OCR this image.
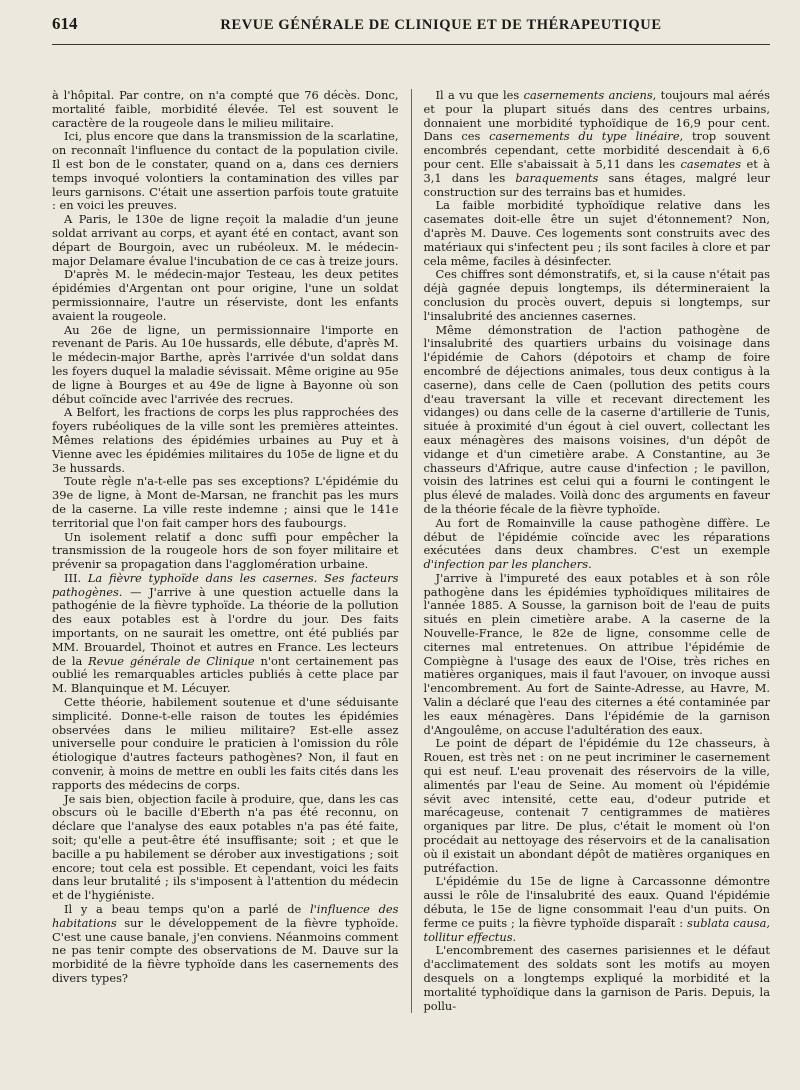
614	REVUE GÉNÉRALE DE CLINIQUE ET DE THÉRAPEUTIQUE

à l'hôpital. Par contre, on n'a compté que 76 décès. Donc, mortalité faible, morbidité élevée. Tel est souvent le caractère de la rougeole dans le milieu militaire.

Ici, plus encore que dans la transmission de la scarlatine, on reconnaît l'influence du contact de la population civile. Il est bon de le constater, quand on a, dans ces derniers temps invoqué volontiers la contamination des villes par leurs garnisons. C'était une assertion parfois toute gratuite : en voici les preuves.

A Paris, le 130e de ligne reçoit la maladie d'un jeune soldat arrivant au corps, et ayant été en contact, avant son départ de Bourgoin, avec un rubéoleux. M. le médecin-major Delamare évalue l'incubation de ce cas à treize jours.

D'après M. le médecin-major Testeau, les deux petites épidémies d'Argentan ont pour origine, l'une un soldat permissionnaire, l'autre un réserviste, dont les enfants avaient la rougeole.

Au 26e de ligne, un permissionnaire l'importe en revenant de Paris. Au 10e hussards, elle débute, d'après M. le médecin-major Barthe, après l'arrivée d'un soldat dans les foyers duquel la maladie sévissait. Même origine au 95e de ligne à Bourges et au 49e de ligne à Bayonne où son début coïncide avec l'arrivée des recrues.

A Belfort, les fractions de corps les plus rapprochées des foyers rubéoliques de la ville sont les premières atteintes. Mêmes relations des épidémies urbaines au Puy et à Vienne avec les épidémies militaires du 105e de ligne et du 3e hussards.

Toute règle n'a-t-elle pas ses exceptions? L'épidémie du 39e de ligne, à Mont de-Marsan, ne franchit pas les murs de la caserne. La ville reste indemne ; ainsi que le 141e territorial que l'on fait camper hors des faubourgs.

Un isolement relatif a donc suffi pour empêcher la transmission de la rougeole hors de son foyer militaire et prévenir sa propagation dans l'agglomération urbaine.

III. La fièvre typhoïde dans les casernes. Ses facteurs pathogènes. — J'arrive à une question actuelle dans la pathogénie de la fièvre typhoïde. La théorie de la pollution des eaux potables est à l'ordre du jour. Des faits importants, on ne saurait les omettre, ont été publiés par MM. Brouardel, Thoinot et autres en France. Les lecteurs de la Revue générale de Clinique n'ont certainement pas oublié les remarquables articles publiés à cette place par M. Blanquinque et M. Lécuyer.

Cette théorie, habilement soutenue et d'une séduisante simplicité. Donne-t-elle raison de toutes les épidémies observées dans le milieu militaire? Est-elle assez universelle pour conduire le praticien à l'omission du rôle étiologique d'autres facteurs pathogènes? Non, il faut en convenir, à moins de mettre en oubli les faits cités dans les rapports des médecins de corps.

Je sais bien, objection facile à produire, que, dans les cas obscurs où le bacille d'Eberth n'a pas été reconnu, on déclare que l'analyse des eaux potables n'a pas été faite, soit; qu'elle a peut-être été insuffisante; soit ; et que le bacille a pu habilement se dérober aux investigations ; soit encore; tout cela est possible. Et cependant, voici les faits dans leur brutalité ; ils s'imposent à l'attention du médecin et de l'hygiéniste.

Il y a beau temps qu'on a parlé de l'influence des habitations sur le développement de la fièvre typhoïde. C'est une cause banale, j'en conviens. Néanmoins comment ne pas tenir compte des observations de M. Dauve sur la morbidité de la fièvre typhoïde dans les casernements des divers types?

Il a vu que les casernements anciens, toujours mal aérés et pour la plupart situés dans des centres urbains, donnaient une morbidité typhoïdique de 16,9 pour cent. Dans ces casernements du type linéaire, trop souvent encombrés cependant, cette morbidité descendait à 6,6 pour cent. Elle s'abaissait à 5,11 dans les casemates et à 3,1 dans les baraquements sans étages, malgré leur construction sur des terrains bas et humides.

La faible morbidité typhoïdique relative dans les casemates doit-elle être un sujet d'étonnement? Non, d'après M. Dauve. Ces logements sont construits avec des matériaux qui s'infectent peu ; ils sont faciles à clore et par cela même, faciles à désinfecter.

Ces chiffres sont démonstratifs, et, si la cause n'était pas déjà gagnée depuis longtemps, ils détermineraient la conclusion du procès ouvert, depuis si longtemps, sur l'insalubrité des anciennes casernes.

Même démonstration de l'action pathogène de l'insalubrité des quartiers urbains du voisinage dans l'épidémie de Cahors (dépotoirs et champ de foire encombré de déjections animales, tous deux contigus à la caserne), dans celle de Caen (pollution des petits cours d'eau traversant la ville et recevant directement les vidanges) ou dans celle de la caserne d'artillerie de Tunis, située à proximité d'un égout à ciel ouvert, collectant les eaux ménagères des maisons voisines, d'un dépôt de vidange et d'un cimetière arabe. A Constantine, au 3e chasseurs d'Afrique, autre cause d'infection ; le pavillon, voisin des latrines est celui qui a fourni le contingent le plus élevé de malades. Voilà donc des arguments en faveur de la théorie fécale de la fièvre typhoïde.

Au fort de Romainville la cause pathogène diffère. Le début de l'épidémie coïncide avec les réparations exécutées dans deux chambres. C'est un exemple d'infection par les planchers.

J'arrive à l'impureté des eaux potables et à son rôle pathogène dans les épidémies typhoïdiques militaires de l'année 1885. A Sousse, la garnison boit de l'eau de puits situés en plein cimetière arabe. A la caserne de la Nouvelle-France, le 82e de ligne, consomme celle de citernes mal entretenues. On attribue l'épidémie de Compiègne à l'usage des eaux de l'Oise, très riches en matières organiques, mais il faut l'avouer, on invoque aussi l'encombrement. Au fort de Sainte-Adresse, au Havre, M. Valin a déclaré que l'eau des citernes a été contaminée par les eaux ménagères. Dans l'épidémie de la garnison d'Angoulême, on accuse l'adultération des eaux.

Le point de départ de l'épidémie du 12e chasseurs, à Rouen, est très net : on ne peut incriminer le casernement qui est neuf. L'eau provenait des réservoirs de la ville, alimentés par l'eau de Seine. Au moment où l'épidémie sévit avec intensité, cette eau, d'odeur putride et marécageuse, contenait 7 centigrammes de matières organiques par litre. De plus, c'était le moment où l'on procédait au nettoyage des réservoirs et de la canalisation où il existait un abondant dépôt de matières organiques en putréfaction.

L'épidémie du 15e de ligne à Carcassonne démontre aussi le rôle de l'insalubrité des eaux. Quand l'épidémie débuta, le 15e de ligne consommait l'eau d'un puits. On ferme ce puits ; la fièvre typhoïde disparaît : sublata causa, tollitur effectus.

L'encombrement des casernes parisiennes et le défaut d'acclimatement des soldats sont les motifs au moyen desquels on a longtemps expliqué la morbidité et la mortalité typhoïdique dans la garnison de Paris. Depuis, la pollu-
